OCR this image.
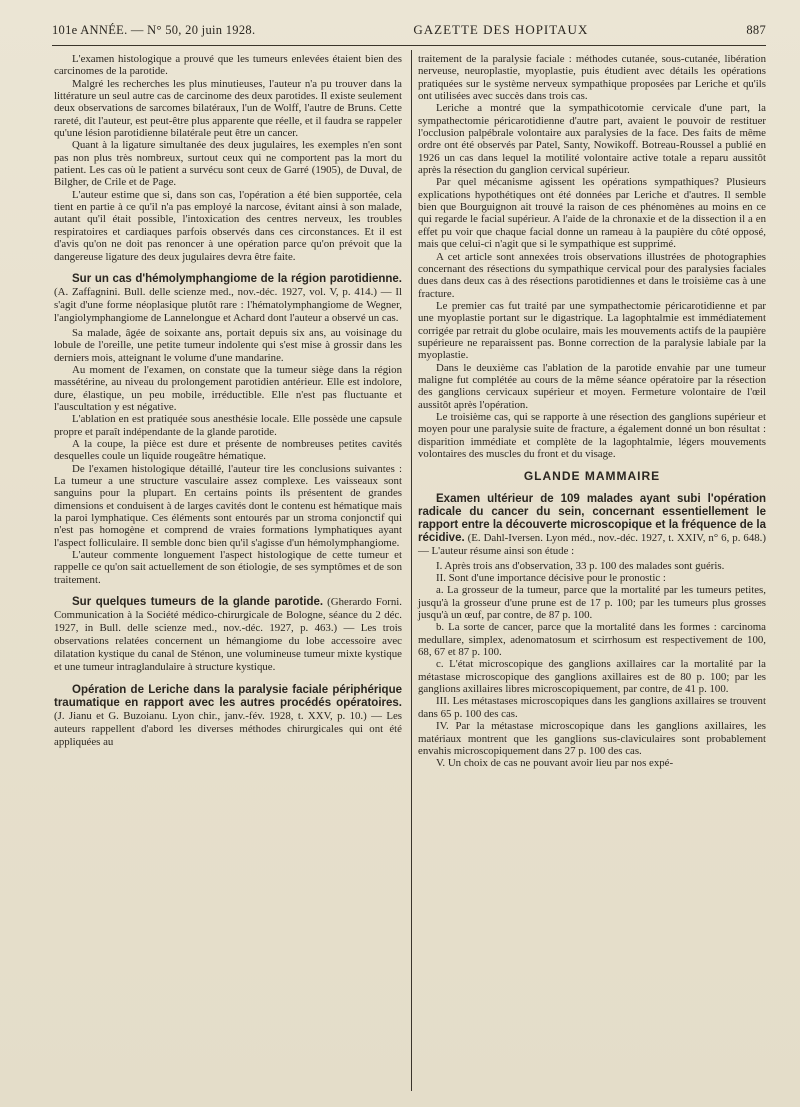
101e ANNÉE. — N° 50, 20 juin 1928.	GAZETTE DES HOPITAUX	887

L'examen histologique a prouvé que les tumeurs enlevées étaient bien des carcinomes de la parotide.

Malgré les recherches les plus minutieuses, l'auteur n'a pu trouver dans la littérature un seul autre cas de carcinome des deux parotides. Il existe seulement deux observations de sarcomes bilatéraux, l'un de Wolff, l'autre de Bruns. Cette rareté, dit l'auteur, est peut-être plus apparente que réelle, et il faudra se rappeler qu'une lésion parotidienne bilatérale peut être un cancer.

Quant à la ligature simultanée des deux jugulaires, les exemples n'en sont pas non plus très nombreux, surtout ceux qui ne comportent pas la mort du patient. Les cas où le patient a survécu sont ceux de Garré (1905), de Duval, de Bilgher, de Crile et de Page.

L'auteur estime que si, dans son cas, l'opération a été bien supportée, cela tient en partie à ce qu'il n'a pas employé la narcose, évitant ainsi à son malade, autant qu'il était possible, l'intoxication des centres nerveux, les troubles respiratoires et cardiaques parfois observés dans ces circonstances. Et il est d'avis qu'on ne doit pas renoncer à une opération parce qu'on prévoit que la dangereuse ligature des deux jugulaires devra être faite.

Sur un cas d'hémolymphangiome de la région parotidienne. (A. Zaffagnini. Bull. delle scienze med., nov.-déc. 1927, vol. V, p. 414.) — Il s'agit d'une forme néoplasique plutôt rare : l'hématolymphangiome de Wegner, l'angiolymphangiome de Lannelongue et Achard dont l'auteur a observé un cas.

Sa malade, âgée de soixante ans, portait depuis six ans, au voisinage du lobule de l'oreille, une petite tumeur indolente qui s'est mise à grossir dans les derniers mois, atteignant le volume d'une mandarine.

Au moment de l'examen, on constate que la tumeur siège dans la région massétérine, au niveau du prolongement parotidien antérieur. Elle est indolore, dure, élastique, un peu mobile, irréductible. Elle n'est pas fluctuante et l'auscultation y est négative.

L'ablation en est pratiquée sous anesthésie locale. Elle possède une capsule propre et paraît indépendante de la glande parotide.

A la coupe, la pièce est dure et présente de nombreuses petites cavités desquelles coule un liquide rougeâtre hématique.

De l'examen histologique détaillé, l'auteur tire les conclusions suivantes : La tumeur a une structure vasculaire assez complexe. Les vaisseaux sont sanguins pour la plupart. En certains points ils présentent de grandes dimensions et conduisent à de larges cavités dont le contenu est hématique mais la paroi lymphatique. Ces éléments sont entourés par un stroma conjonctif qui n'est pas homogène et comprend de vraies formations lymphatiques ayant l'aspect folliculaire. Il semble donc bien qu'il s'agisse d'un hémolymphangiome.

L'auteur commente longuement l'aspect histologique de cette tumeur et rappelle ce qu'on sait actuellement de son étiologie, de ses symptômes et de son traitement.

Sur quelques tumeurs de la glande parotide. (Gherardo Forni. Communication à la Société médico-chirurgicale de Bologne, séance du 2 déc. 1927, in Bull. delle scienze med., nov.-déc. 1927, p. 463.) — Les trois observations relatées concernent un hémangiome du lobe accessoire avec dilatation kystique du canal de Sténon, une volumineuse tumeur mixte kystique et une tumeur intraglandulaire à structure kystique.
Opération de Leriche dans la paralysie faciale périphérique traumatique en rapport avec les autres procédés opératoires. (J. Jianu et G. Buzoianu. Lyon chir., janv.-fév. 1928, t. XXV, p. 10.) — Les auteurs rappellent d'abord les diverses méthodes chirurgicales qui ont été appliquées au

traitement de la paralysie faciale : méthodes cutanée, sous-cutanée, libération nerveuse, neuroplastie, myoplastie, puis étudient avec détails les opérations pratiquées sur le système nerveux sympathique proposées par Leriche et qu'ils ont utilisées avec succès dans trois cas.

Leriche a montré que la sympathicotomie cervicale d'une part, la sympathectomie péricarotidienne d'autre part, avaient le pouvoir de restituer l'occlusion palpébrale volontaire aux paralysies de la face. Des faits de même ordre ont été observés par Patel, Santy, Nowikoff. Botreau-Roussel a publié en 1926 un cas dans lequel la motilité volontaire active totale a reparu aussitôt après la résection du ganglion cervical supérieur.

Par quel mécanisme agissent les opérations sympathiques? Plusieurs explications hypothétiques ont été données par Leriche et d'autres. Il semble bien que Bourguignon ait trouvé la raison de ces phénomènes au moins en ce qui regarde le facial supérieur. A l'aide de la chronaxie et de la dissection il a en effet pu voir que chaque facial donne un rameau à la paupière du côté opposé, mais que celui-ci n'agit que si le sympathique est supprimé.

A cet article sont annexées trois observations illustrées de photographies concernant des résections du sympathique cervical pour des paralysies faciales dues dans deux cas à des résections parotidiennes et dans le troisième cas à une fracture.

Le premier cas fut traité par une sympathectomie péricarotidienne et par une myoplastie portant sur le digastrique. La lagophtalmie est immédiatement corrigée par retrait du globe oculaire, mais les mouvements actifs de la paupière supérieure ne reparaissent pas. Bonne correction de la paralysie labiale par la myoplastie.

Dans le deuxième cas l'ablation de la parotide envahie par une tumeur maligne fut complétée au cours de la même séance opératoire par la résection des ganglions cervicaux supérieur et moyen. Fermeture volontaire de l'œil aussitôt après l'opération.

Le troisième cas, qui se rapporte à une résection des ganglions supérieur et moyen pour une paralysie suite de fracture, a également donné un bon résultat : disparition immédiate et complète de la lagophtalmie, légers mouvements volontaires des muscles du front et du visage.

GLANDE MAMMAIRE
Examen ultérieur de 109 malades ayant subi l'opération radicale du cancer du sein, concernant essentiellement le rapport entre la découverte microscopique et la fréquence de la récidive. (E. Dahl-Iversen. Lyon méd., nov.-déc. 1927, t. XXIV, n° 6, p. 648.) — L'auteur résume ainsi son étude :

I. Après trois ans d'observation, 33 p. 100 des malades sont guéris.

II. Sont d'une importance décisive pour le pronostic :

a. La grosseur de la tumeur, parce que la mortalité par les tumeurs petites, jusqu'à la grosseur d'une prune est de 17 p. 100; par les tumeurs plus grosses jusqu'à un œuf, par contre, de 87 p. 100.

b. La sorte de cancer, parce que la mortalité dans les formes : carcinoma medullare, simplex, adenomatosum et scirrhosum est respectivement de 100, 68, 67 et 87 p. 100.

c. L'état microscopique des ganglions axillaires car la mortalité par la métastase microscopique des ganglions axillaires est de 80 p. 100; par les ganglions axillaires libres microscopiquement, par contre, de 41 p. 100.

III. Les métastases microscopiques dans les ganglions axillaires se trouvent dans 65 p. 100 des cas.

IV. Par la métastase microscopique dans les ganglions axillaires, les matériaux montrent que les ganglions sus-claviculaires sont probablement envahis microscopiquement dans 27 p. 100 des cas.

V. Un choix de cas ne pouvant avoir lieu par nos expé-
